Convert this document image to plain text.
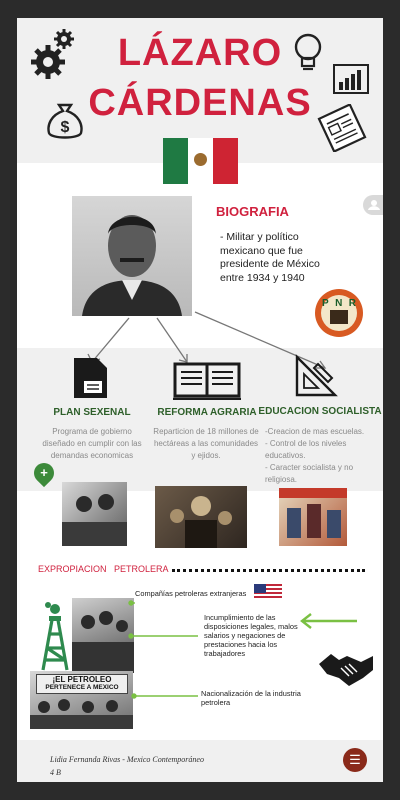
LÁZARO
CÁRDENAS
$
BIOGRAFIA
- Militar y político mexicano que fue presidente de México entre 1934 y 1940
P N R
PLAN SEXENAL	REFORMA AGRARIA EDUCACION SOCIALISTA
Programa de gobierno diseñado en cumplir con las demandas economicas
Reparticion de 18 millones de hectáreas a las comunidades y ejidos.
-Creacion de mas escuelas.
- Control de los niveles educativos.
- Caracter socialista y no religiosa.
+
EXPROPIACION   PETROLERA
¡EL PETROLEO
PERTENECE A MEXICO
Compañías petroleras extranjeras
Incumplimiento de las disposiciones legales, malos salarios y negaciones de prestaciones hacia los trabajadores
Nacionalización de la industria petrolera
Lidia Fernanda Rivas - Mexico Contemporáneo
4 B
☰
